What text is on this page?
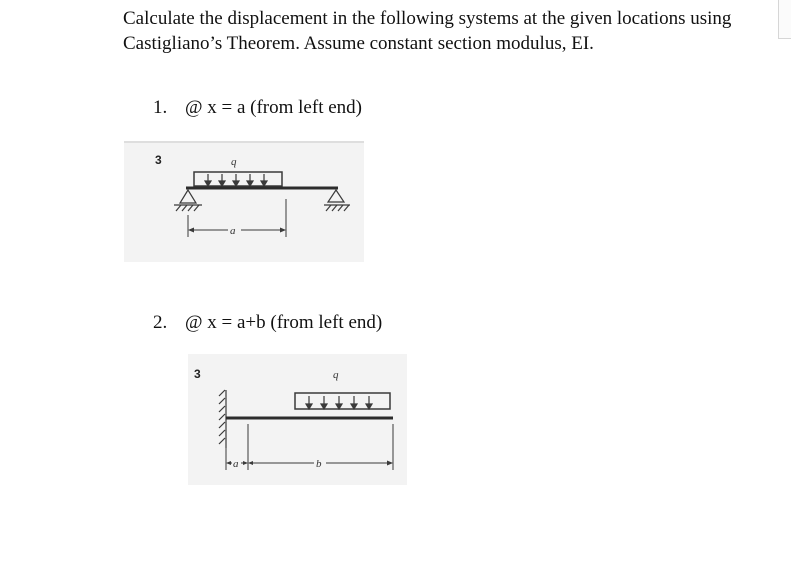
Calculate the displacement in the following systems at the given locations using Castigliano’s Theorem. Assume constant section modulus, EI.
1. @ x = a (from left end)
3	q
a
2. @ x = a+b (from left end)
3	q
a	b
